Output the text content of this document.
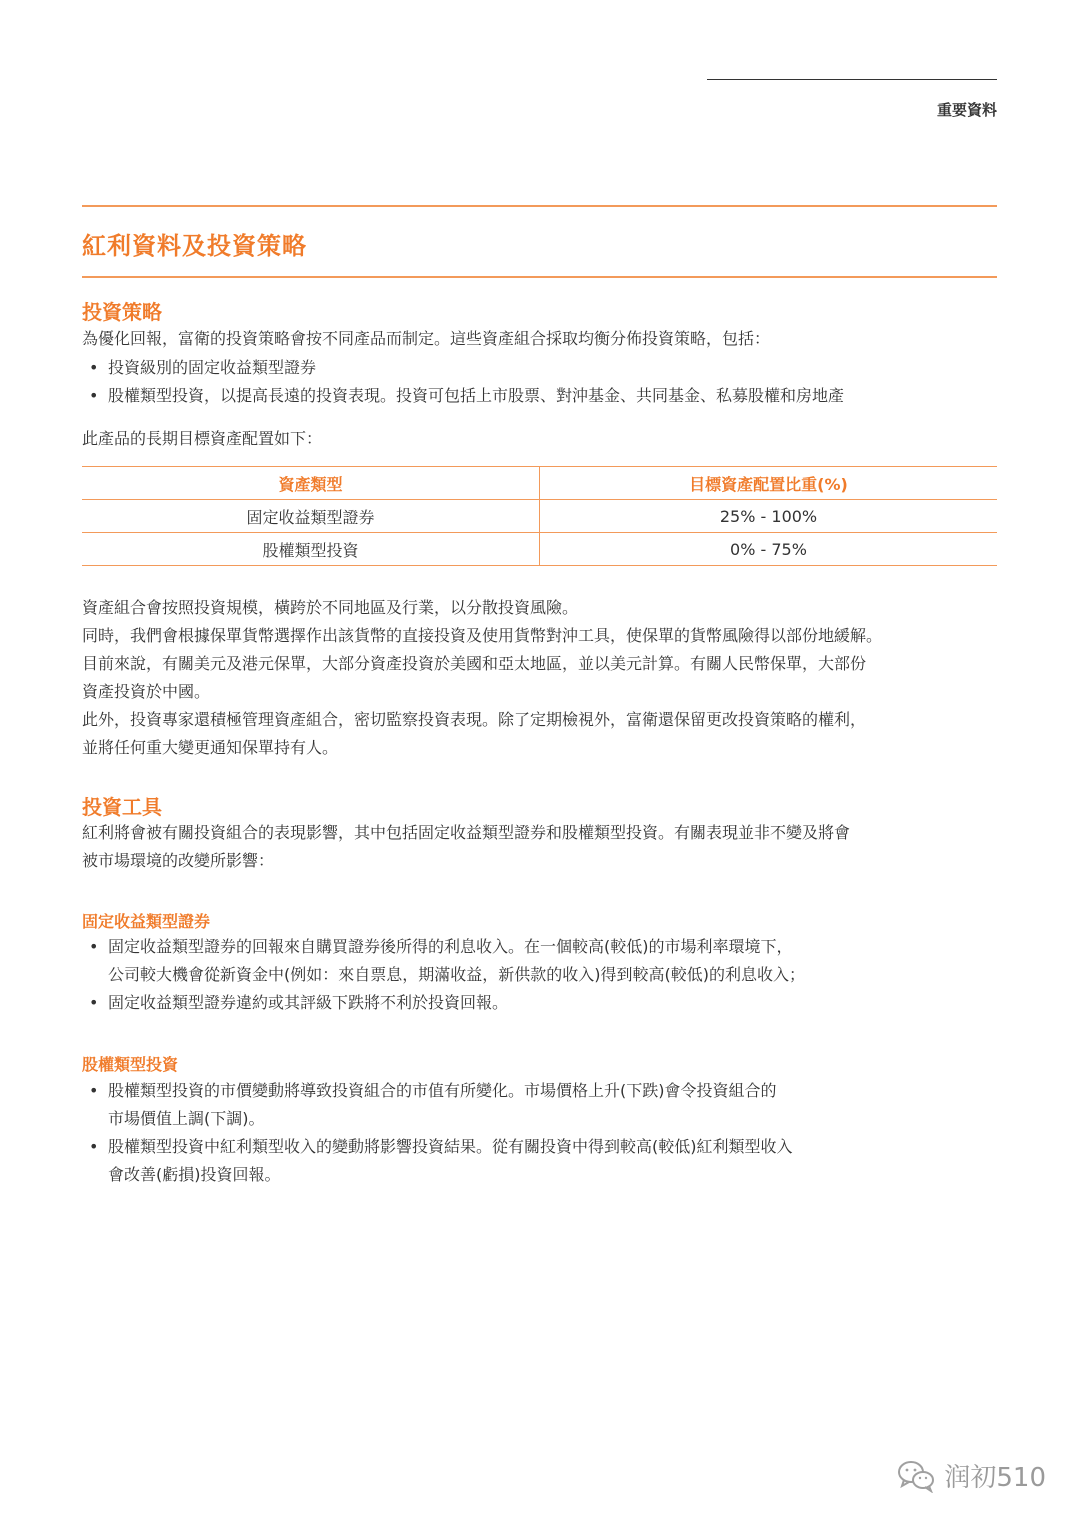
重要資料
紅利資料及投資策略
投資策略
為優化回報，富衛的投資策略會按不同產品而制定。這些資產組合採取均衡分佈投資策略，包括：
• 投資級別的固定收益類型證券
• 股權類型投資，以提高長遠的投資表現。投資可包括上市股票、對沖基金、共同基金、私募股權和房地產
此產品的長期目標資產配置如下：
資產類型	目標資產配置比重(%)
固定收益類型證券	25% - 100%
股權類型投資	0% - 75%
資產組合會按照投資規模，橫跨於不同地區及行業，以分散投資風險。
同時，我們會根據保單貨幣選擇作出該貨幣的直接投資及使用貨幣對沖工具，使保單的貨幣風險得以部份地緩解。
目前來說，有關美元及港元保單，大部分資產投資於美國和亞太地區，並以美元計算。有關人民幣保單，大部份
資產投資於中國。
此外，投資專家還積極管理資產組合，密切監察投資表現。除了定期檢視外，富衛還保留更改投資策略的權利，
並將任何重大變更通知保單持有人。
投資工具
紅利將會被有關投資組合的表現影響，其中包括固定收益類型證券和股權類型投資。有關表現並非不變及將會
被市場環境的改變所影響：
固定收益類型證券
• 固定收益類型證券的回報來自購買證券後所得的利息收入。在一個較高(較低)的市場利率環境下，
公司較大機會從新資金中(例如：來自票息，期滿收益，新供款的收入)得到較高(較低)的利息收入；
• 固定收益類型證券違約或其評級下跌將不利於投資回報。
股權類型投資
• 股權類型投資的市價變動將導致投資組合的市值有所變化。市場價格上升(下跌)會令投資組合的
市場價值上調(下調)。
• 股權類型投資中紅利類型收入的變動將影響投資結果。從有關投資中得到較高(較低)紅利類型收入
會改善(虧損)投資回報。
润初510
